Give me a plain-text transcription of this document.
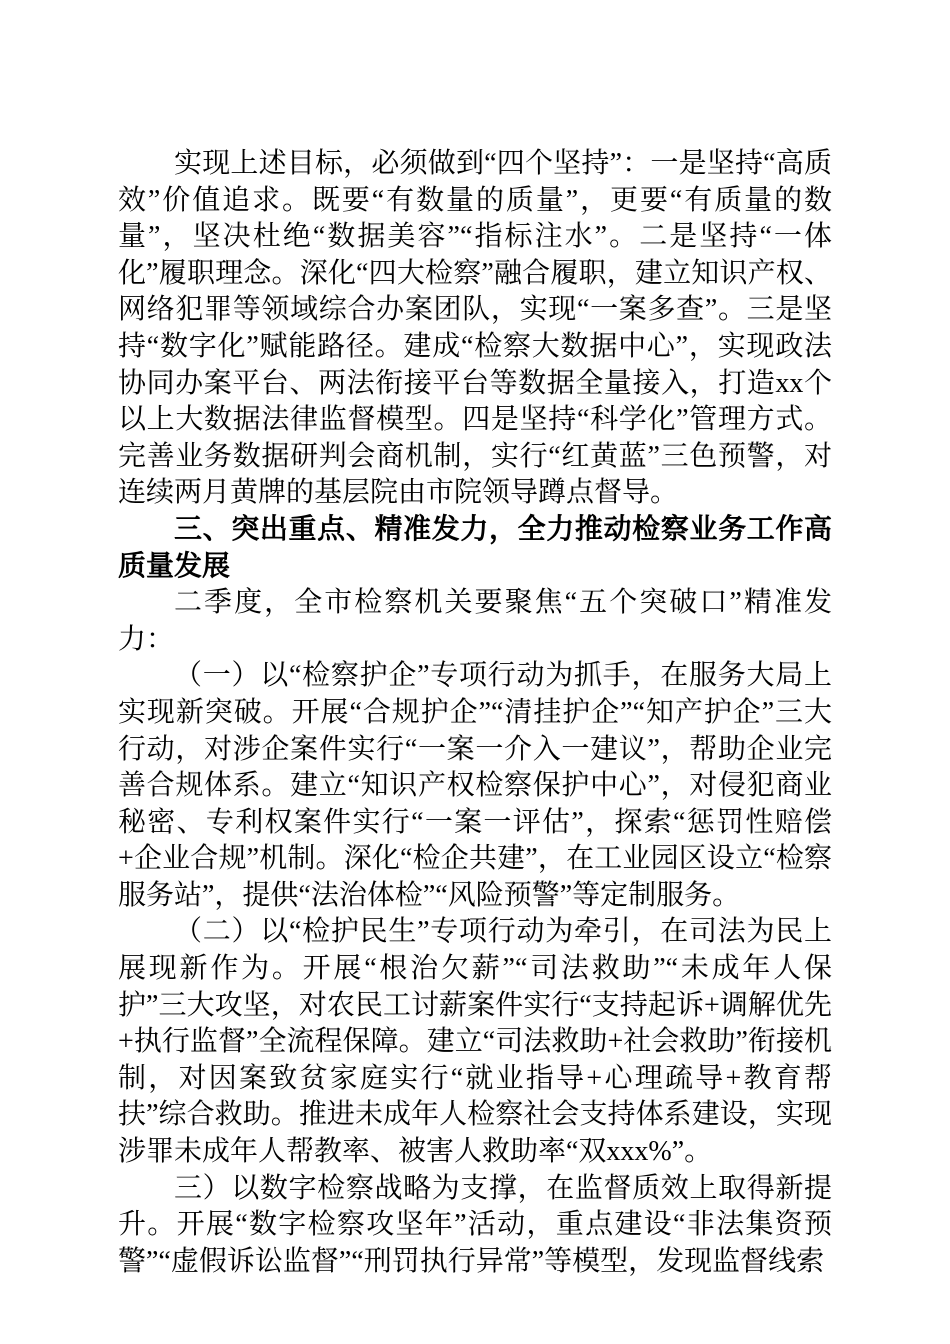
实现上述目标，必须做到“四个坚持”：一是坚持“高质效”价值追求。既要“有数量的质量”，更要“有质量的数量”，坚决杜绝“数据美容”“指标注水”。二是坚持“一体化”履职理念。深化“四大检察”融合履职，建立知识产权、网络犯罪等领域综合办案团队，实现“一案多查”。三是坚持“数字化”赋能路径。建成“检察大数据中心”，实现政法协同办案平台、两法衔接平台等数据全量接入，打造xx个以上大数据法律监督模型。四是坚持“科学化”管理方式。完善业务数据研判会商机制，实行“红黄蓝”三色预警，对连续两月黄牌的基层院由市院领导蹲点督导。

三、突出重点、精准发力，全力推动检察业务工作高质量发展

二季度，全市检察机关要聚焦“五个突破口”精准发力：

（一）以“检察护企”专项行动为抓手，在服务大局上实现新突破。开展“合规护企”“清挂护企”“知产护企”三大行动，对涉企案件实行“一案一介入一建议”，帮助企业完善合规体系。建立“知识产权检察保护中心”，对侵犯商业秘密、专利权案件实行“一案一评估”，探索“惩罚性赔偿+企业合规”机制。深化“检企共建”，在工业园区设立“检察服务站”，提供“法治体检”“风险预警”等定制服务。

（二）以“检护民生”专项行动为牵引，在司法为民上展现新作为。开展“根治欠薪”“司法救助”“未成年人保护”三大攻坚，对农民工讨薪案件实行“支持起诉+调解优先+执行监督”全流程保障。建立“司法救助+社会救助”衔接机制，对因案致贫家庭实行“就业指导+心理疏导+教育帮扶”综合救助。推进未成年人检察社会支持体系建设，实现涉罪未成年人帮教率、被害人救助率“双xxx%”。

三）以数字检察战略为支撑，在监督质效上取得新提升。开展“数字检察攻坚年”活动，重点建设“非法集资预警”“虚假诉讼监督”“刑罚执行异常”等模型，发现监督线索
